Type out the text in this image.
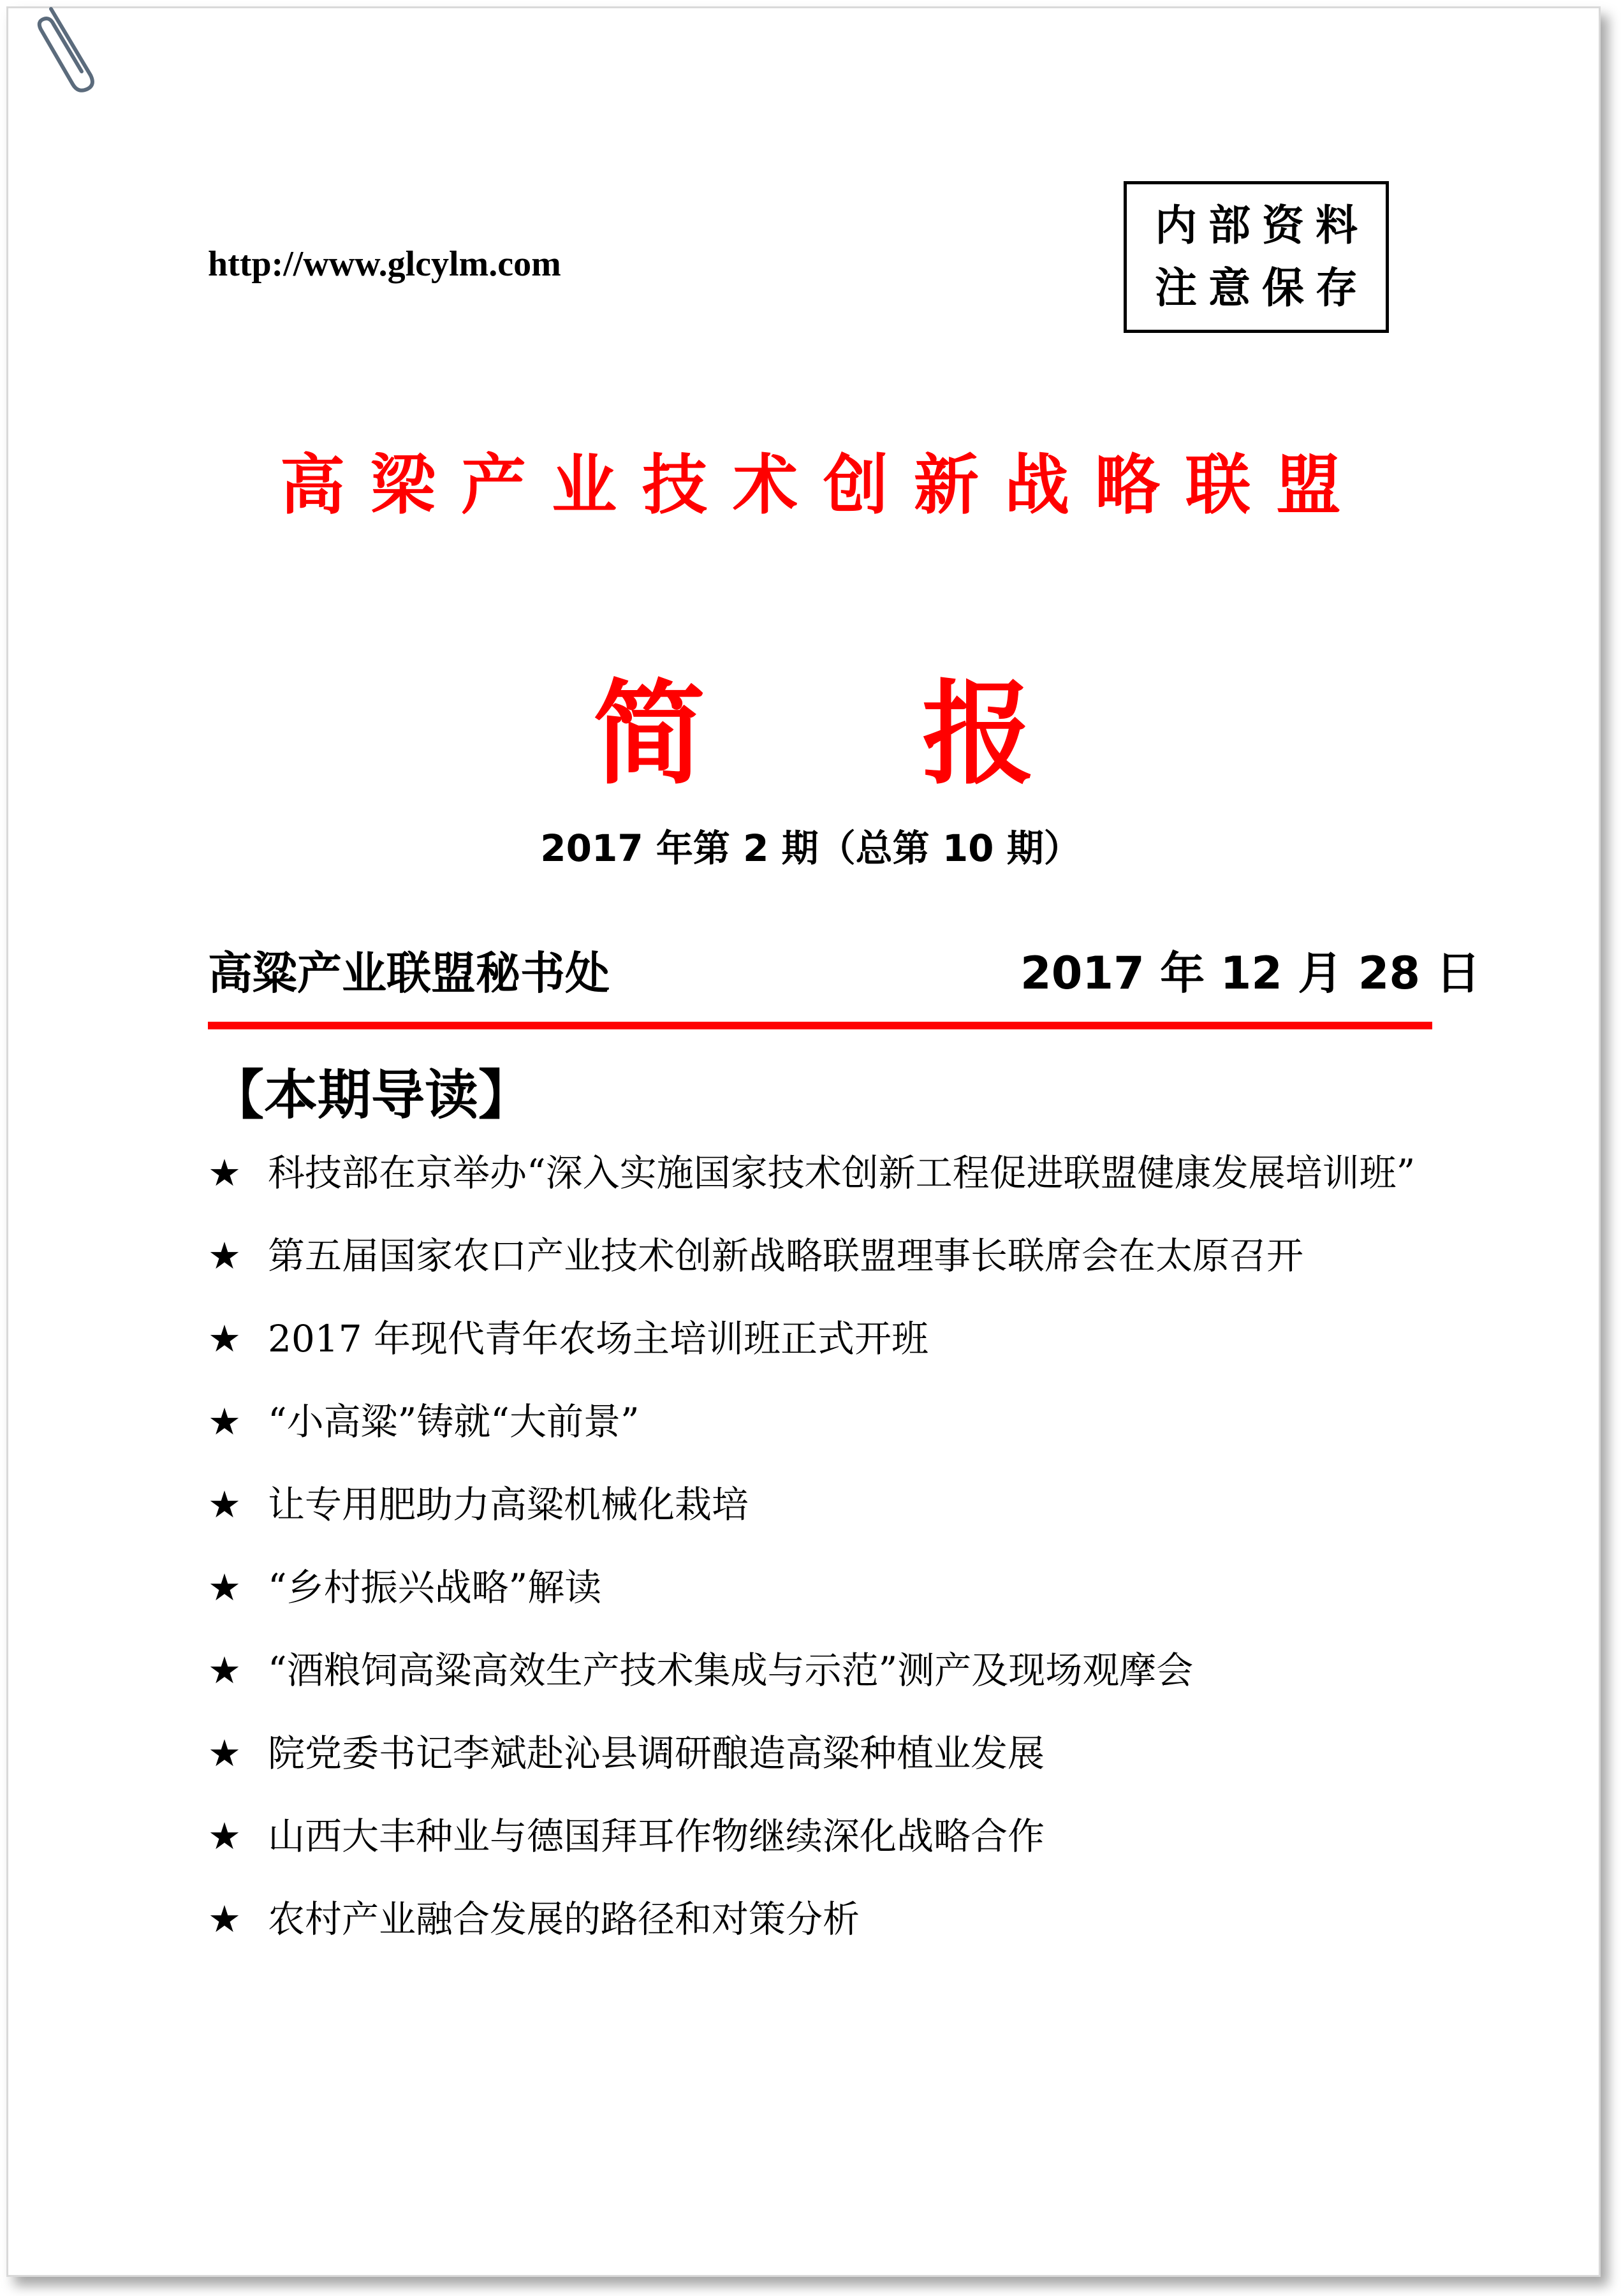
http://www.glcylm.com
内部资料
注意保存
高梁产业技术创新战略联盟
简 报
2017 年第 2 期（总第 10 期）
高粱产业联盟秘书处	2017 年 12 月 28 日
【本期导读】
★ 科技部在京举办“深入实施国家技术创新工程促进联盟健康发展培训班”
★ 第五届国家农口产业技术创新战略联盟理事长联席会在太原召开
★ 2017 年现代青年农场主培训班正式开班
★ “小高粱”铸就“大前景”
★ 让专用肥助力高粱机械化栽培
★ “乡村振兴战略”解读
★ “酒粮饲高粱高效生产技术集成与示范”测产及现场观摩会
★ 院党委书记李斌赴沁县调研酿造高粱种植业发展
★ 山西大丰种业与德国拜耳作物继续深化战略合作
★ 农村产业融合发展的路径和对策分析
